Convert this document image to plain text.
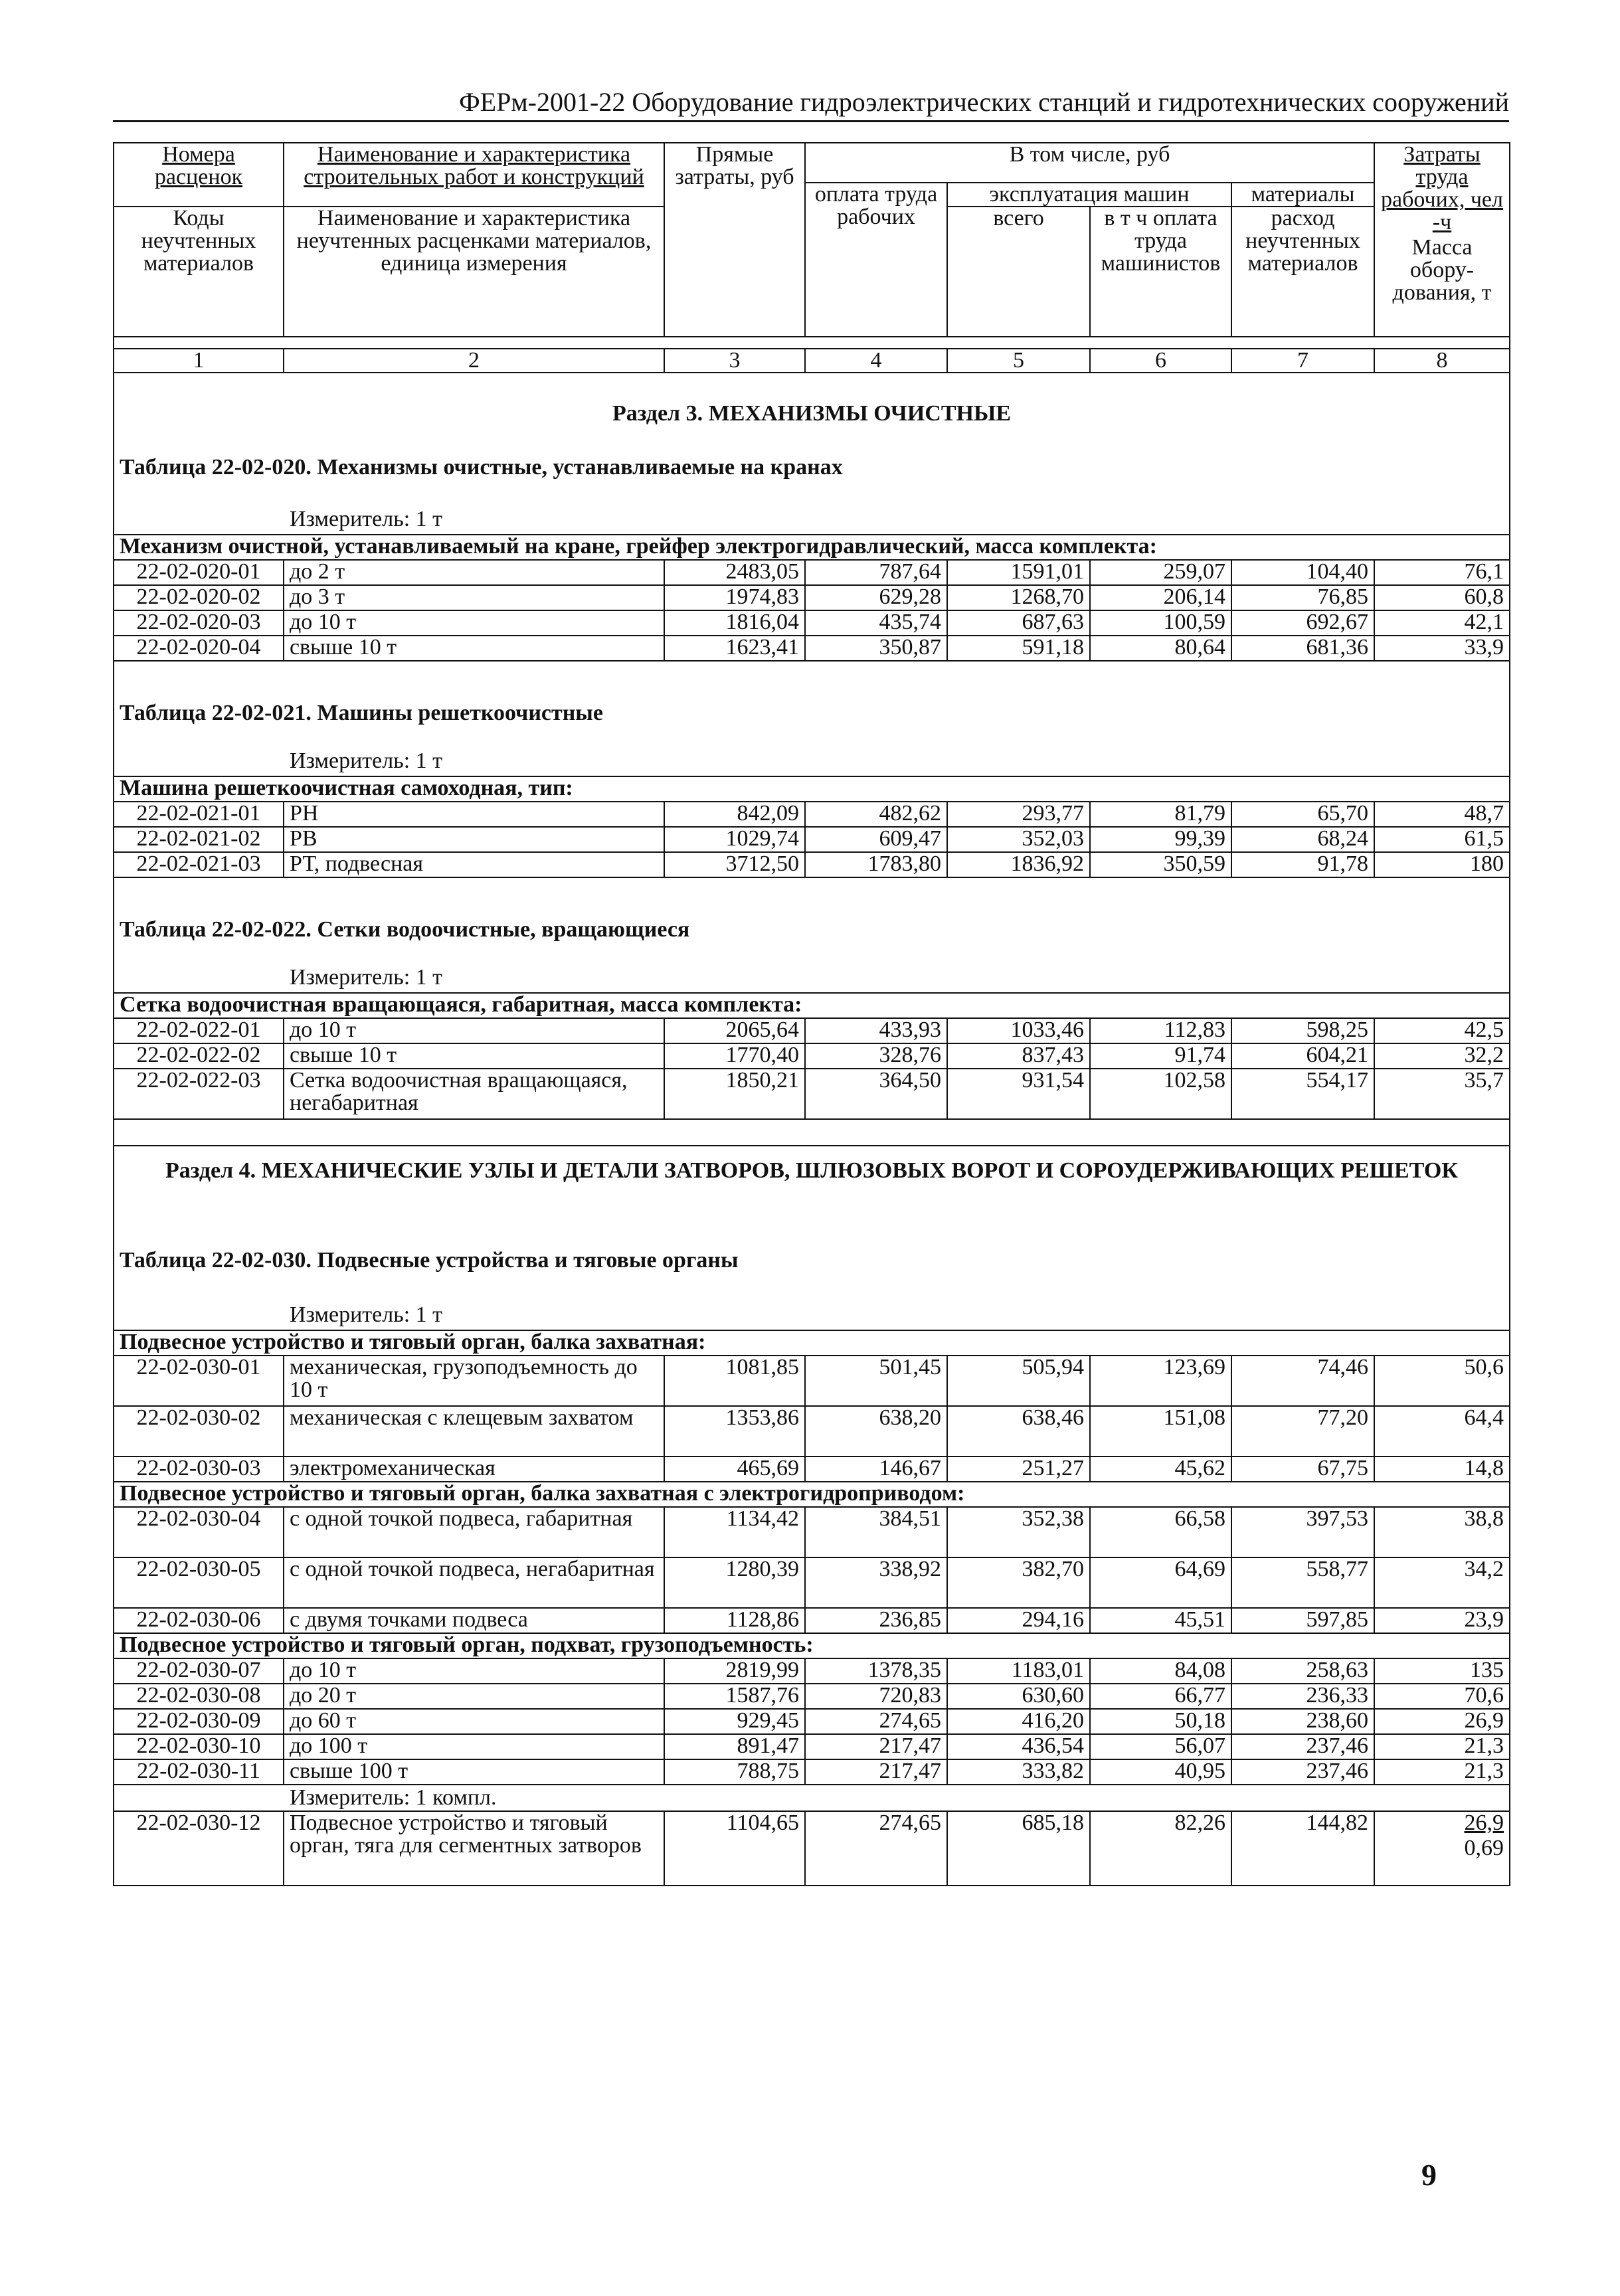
ФЕРм-2001-22 Оборудование гидроэлектрических станций и гидротехнических сооружений
Номера расценок	Наименование и характеристика строительных работ и конструкций	Прямые затраты, руб	В том числе, руб				Затраты труда рабочих, чел -ч
Масса обору-дования, т

			оплата труда рабочих	эксплуатация машин		материалы	
Коды неучтенных материалов	Наименование и характеристика неучтенных расценками материалов, единица измерения			всего	в т ч оплата труда машинистов	расход неучтенных материалов	

1	2	3	4	5	6	7	8
Раздел 3. МЕХАНИЗМЫ ОЧИСТНЫЕ							
Таблица 22-02-020. Механизмы очистные, устанавливаемые на кранах							

Измеритель: 1 т							

Механизм очистной, устанавливаемый на кране, грейфер электрогидравлический, масса комплекта:							
22-02-020-01	до 2 т	2483,05	787,64	1591,01	259,07	104,40	76,1
22-02-020-02	до 3 т	1974,83	629,28	1268,70	206,14	76,85	60,8
22-02-020-03	до 10 т	1816,04	435,74	687,63	100,59	692,67	42,1
22-02-020-04	свыше 10 т	1623,41	350,87	591,18	80,64	681,36	33,9

Таблица 22-02-021. Машины решеткоочистные							

Измеритель: 1 т							

Машина решеткоочистная самоходная, тип:							
22-02-021-01	РН	842,09	482,62	293,77	81,79	65,70	48,7
22-02-021-02	РВ	1029,74	609,47	352,03	99,39	68,24	61,5
22-02-021-03	РТ, подвесная	3712,50	1783,80	1836,92	350,59	91,78	180

Таблица 22-02-022. Сетки водоочистные, вращающиеся							

Измеритель: 1 т							

Сетка водоочистная вращающаяся, габаритная, масса комплекта:							
22-02-022-01	до 10 т	2065,64	433,93	1033,46	112,83	598,25	42,5
22-02-022-02	свыше 10 т	1770,40	328,76	837,43	91,74	604,21	32,2
22-02-022-03	Сетка водоочистная вращающаяся, негабаритная	1850,21	364,50	931,54	102,58	554,17	35,7

Раздел 4. МЕХАНИЧЕСКИЕ УЗЛЫ И ДЕТАЛИ ЗАТВОРОВ, ШЛЮЗОВЫХ ВОРОТ И СОРОУДЕРЖИВАЮЩИХ РЕШЕТОК							
Таблица 22-02-030. Подвесные устройства и тяговые органы							

Измеритель: 1 т							

Подвесное устройство и тяговый орган, балка захватная:							
22-02-030-01	механическая, грузоподъемность до 10 т	1081,85	501,45	505,94	123,69	74,46	50,6
22-02-030-02	механическая с клещевым захватом	1353,86	638,20	638,46	151,08	77,20	64,4
22-02-030-03	электромеханическая	465,69	146,67	251,27	45,62	67,75	14,8
Подвесное устройство и тяговый орган, балка захватная с электрогидроприводом:							
22-02-030-04	с одной точкой подвеса, габаритная	1134,42	384,51	352,38	66,58	397,53	38,8
22-02-030-05	с одной точкой подвеса, негабаритная	1280,39	338,92	382,70	64,69	558,77	34,2
22-02-030-06	с двумя точками подвеса	1128,86	236,85	294,16	45,51	597,85	23,9
Подвесное устройство и тяговый орган, подхват, грузоподъемность:							
22-02-030-07	до 10 т	2819,99	1378,35	1183,01	84,08	258,63	135
22-02-030-08	до 20 т	1587,76	720,83	630,60	66,77	236,33	70,6
22-02-030-09	до 60 т	929,45	274,65	416,20	50,18	238,60	26,9
22-02-030-10	до 100 т	891,47	217,47	436,54	56,07	237,46	21,3
22-02-030-11	свыше 100 т	788,75	217,47	333,82	40,95	237,46	21,3

Измеритель: 1 компл.							

22-02-030-12	Подвесное устройство и тяговый орган, тяга для сегментных затворов	1104,65	274,65	685,18	82,26	144,82	26,9
0,69
9
